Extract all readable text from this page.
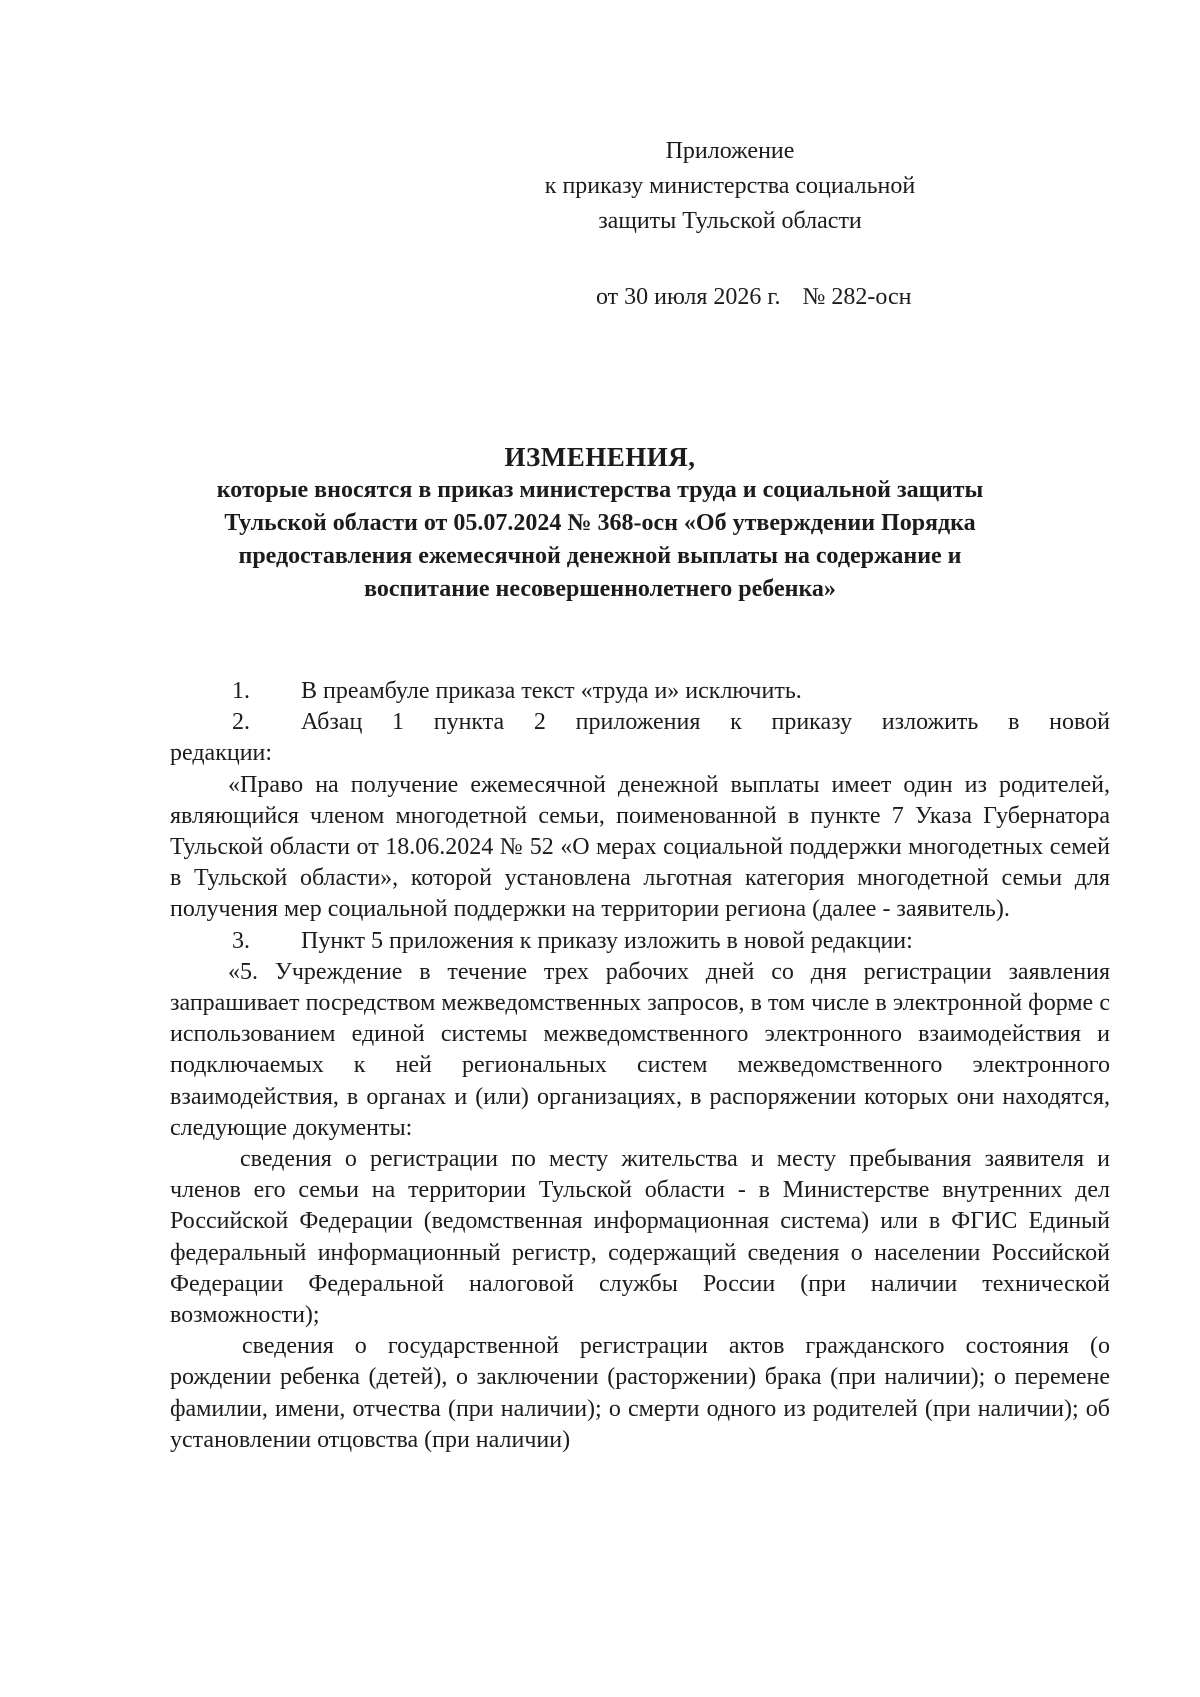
Приложение
к приказу министерства социальной
защиты Тульской области
от 30 июля 2026 г. № 282-осн
ИЗМЕНЕНИЯ,
которые вносятся в приказ министерства труда и социальной защиты
Тульской области от 05.07.2024 № 368-осн «Об утверждении Порядка
предоставления ежемесячной денежной выплаты на содержание и
воспитание несовершеннолетнего ребенка»
1.	В преамбуле приказа текст «труда и» исключить.
2.	Абзац 1 пункта 2 приложения к приказу изложить в новой

редакции:

«Право на получение ежемесячной денежной выплаты имеет один из родителей, являющийся членом многодетной семьи, поименованной в пункте 7 Указа Губернатора Тульской области от 18.06.2024 № 52 «О мерах социальной поддержки многодетных семей в Тульской области», которой установлена льготная категория многодетной семьи для получения мер социальной поддержки на территории региона (далее - заявитель).

3.	Пункт 5 приложения к приказу изложить в новой редакции:

«5. Учреждение в течение трех рабочих дней со дня регистрации заявления запрашивает посредством межведомственных запросов, в том числе в электронной форме с использованием единой системы межведомственного электронного взаимодействия и подключаемых к ней региональных систем межведомственного электронного взаимодействия, в органах и (или) организациях, в распоряжении которых они находятся, следующие документы:

сведения о регистрации по месту жительства и месту пребывания заявителя и членов его семьи на территории Тульской области - в Министерстве внутренних дел Российской Федерации (ведомственная информационная система) или в ФГИС Единый федеральный информационный регистр, содержащий сведения о населении Российской Федерации Федеральной налоговой службы России (при наличии технической возможности);

сведения о государственной регистрации актов гражданского состояния (о рождении ребенка (детей), о заключении (расторжении) брака (при наличии); о перемене фамилии, имени, отчества (при наличии); о смерти одного из родителей (при наличии); об установлении отцовства (при наличии)
